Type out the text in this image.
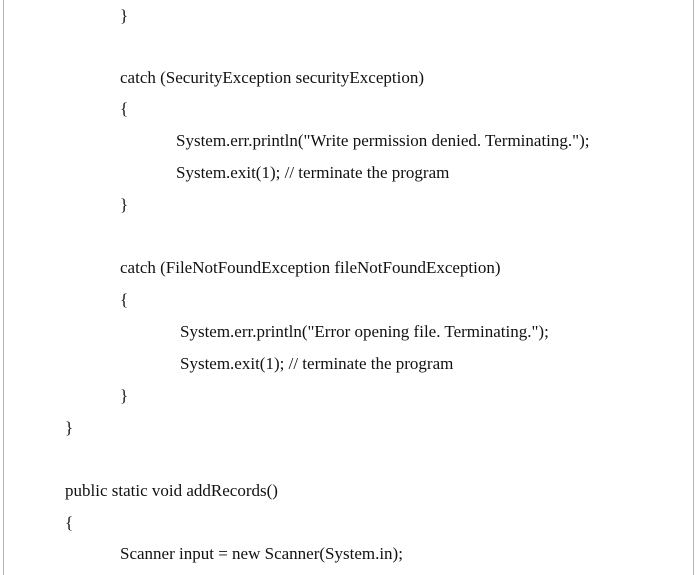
}
catch (SecurityException securityException)
{
System.err.println("Write permission denied. Terminating.");
System.exit(1); // terminate the program
}
catch (FileNotFoundException fileNotFoundException)
{
System.err.println("Error opening file. Terminating.");
System.exit(1); // terminate the program
}
}
public static void addRecords()
{
Scanner input = new Scanner(System.in);
